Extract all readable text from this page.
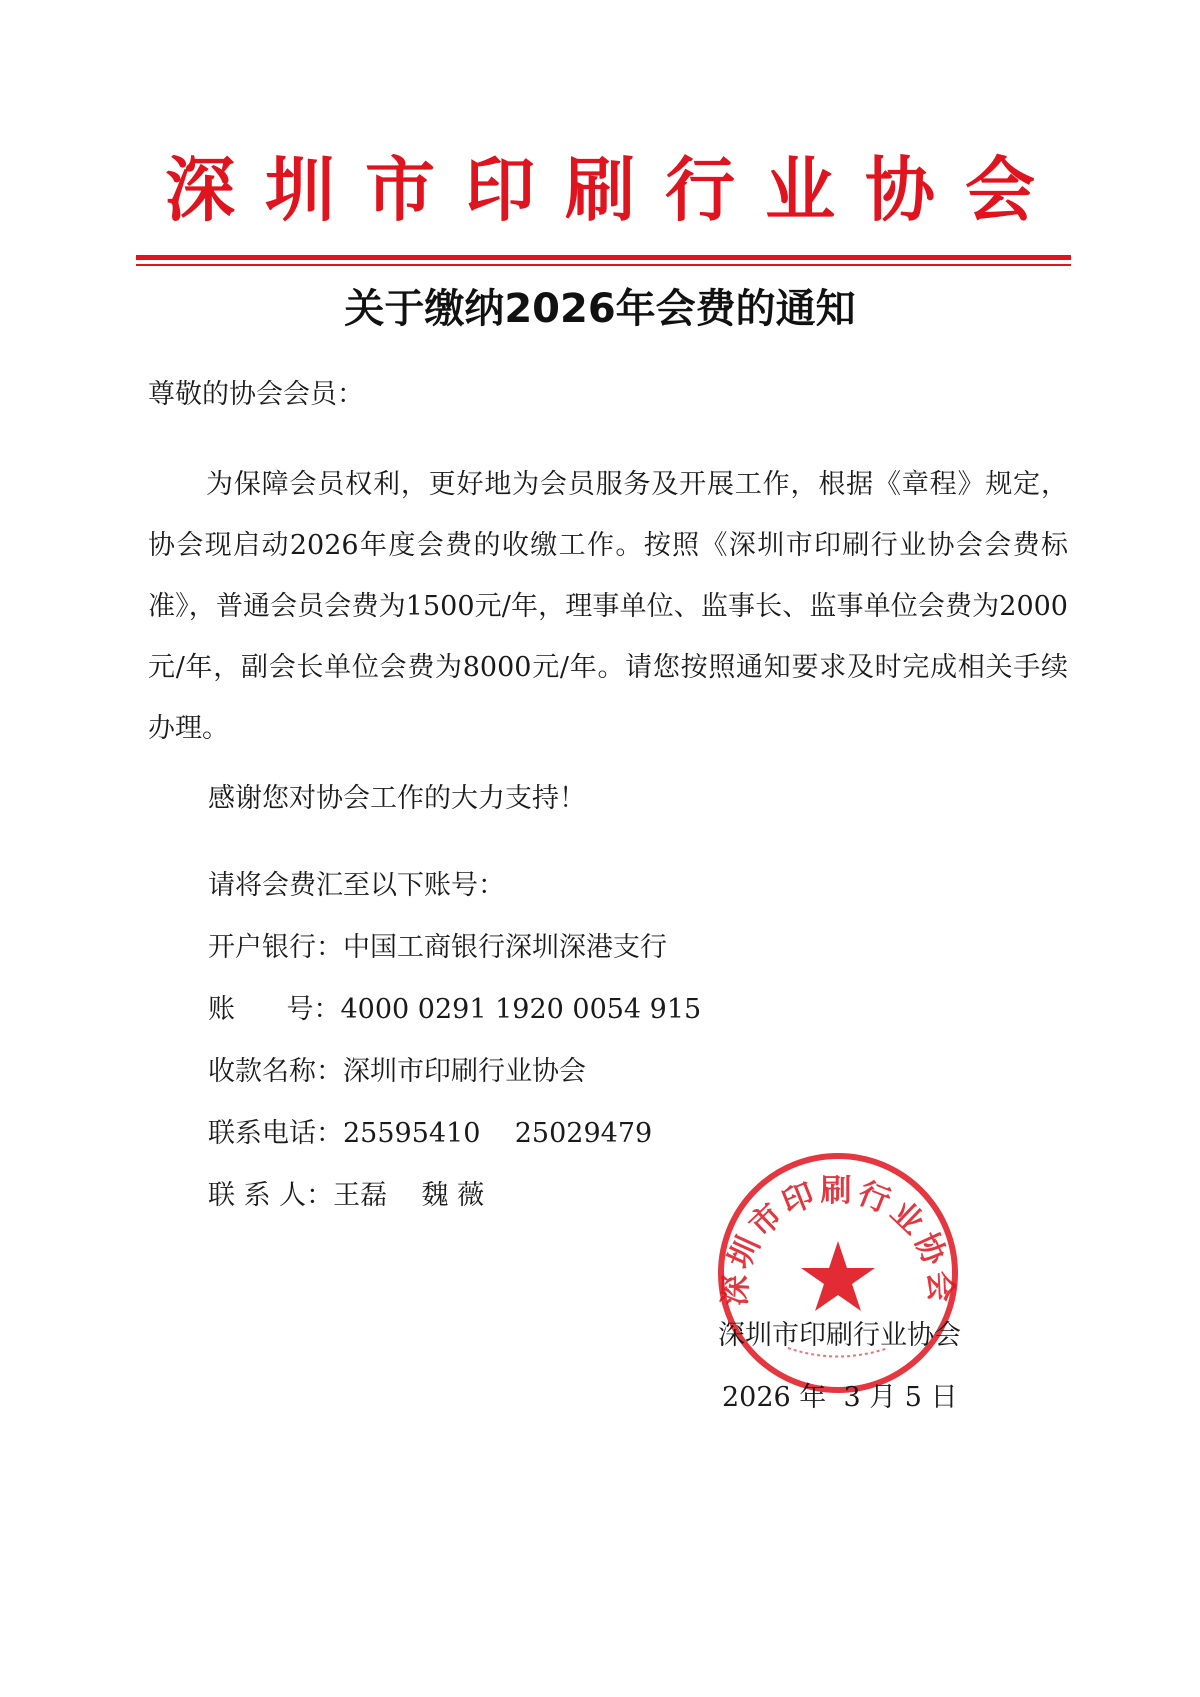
深圳市印刷行业协会
关于缴纳2026年会费的通知
尊敬的协会会员：

为保障会员权利，更好地为会员服务及开展工作，根据《章程》规定，协会现启动2026年度会费的收缴工作。按照《深圳市印刷行业协会会费标准》，普通会员会费为1500元/年，理事单位、监事长、监事单位会费为2000元/年，副会长单位会费为8000元/年。请您按照通知要求及时完成相关手续办理。

感谢您对协会工作的大力支持！
请将会费汇至以下账号：
开户银行：中国工商银行深圳深港支行
账      号：4000 0291 1920 0054 915
收款名称：深圳市印刷行业协会
联系电话：25595410    25029479
联 系 人：王磊    魏 薇
深圳市印刷行业协会
深圳市印刷行业协会
2026 年  3 月 5 日
